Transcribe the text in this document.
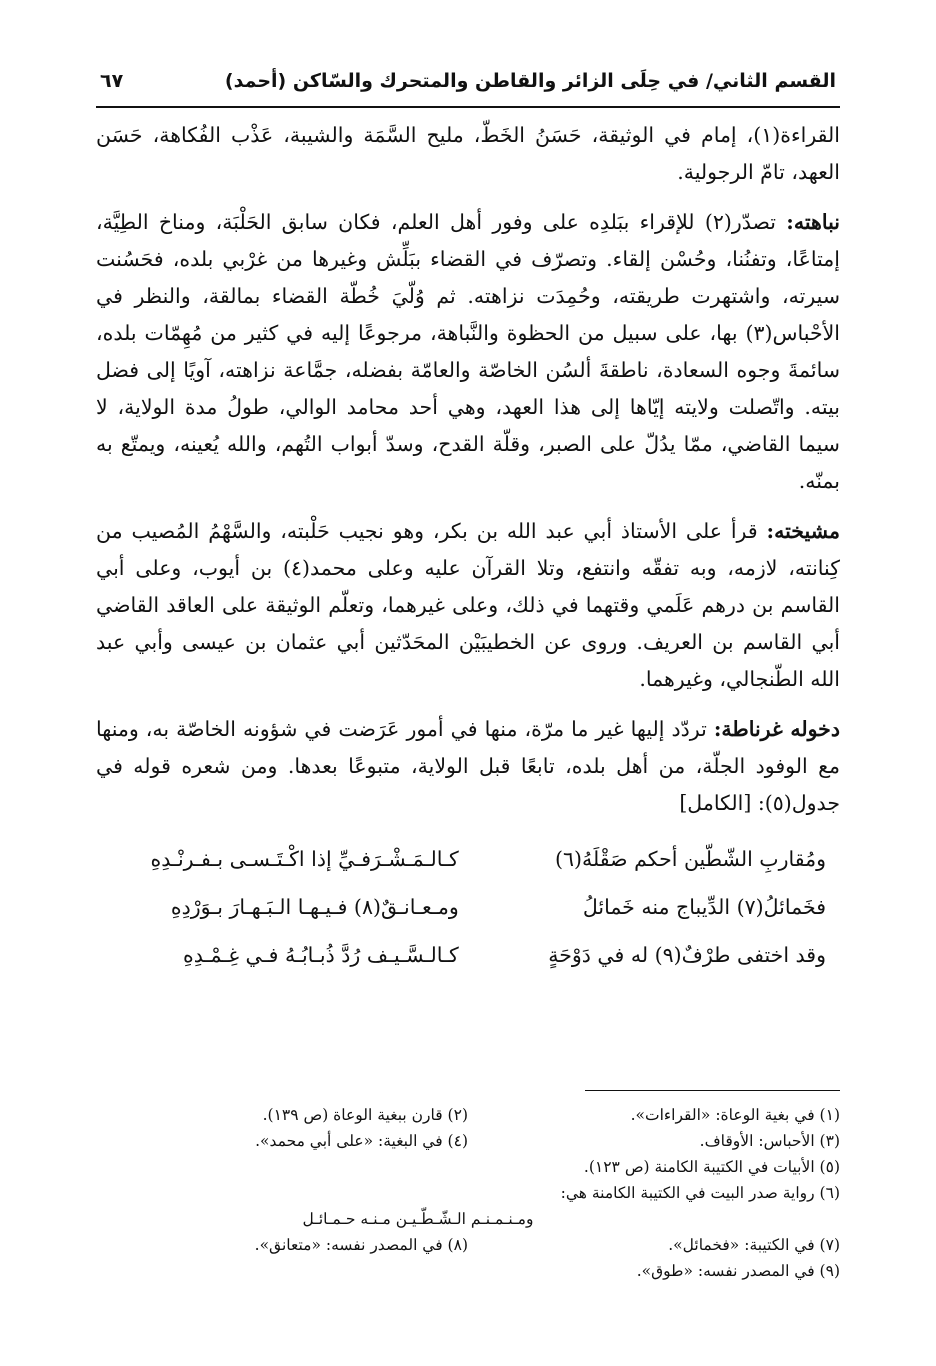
القسم الثاني/ في حِلَى الزائر والقاطن والمتحرك والسّاكن (أحمد)
٦٧

القراءة(١)، إمام في الوثيقة، حَسَنُ الخَطّ، مليح السَّمَة والشيبة، عَذْب الفُكاهة، حَسَن العهد، تامّ الرجولية.

نباهته: تصدّر(٢) للإقراء ببَلدِه على وفور أهل العلم، فكان سابق الحَلْبَة، ومناخ الطِيَّة، إمتاعًا، وتفنُنا، وحُسْن إلقاء. وتصرّف في القضاء ببَلِّش وغيرها من غرْبي بلده، فحَسُنت سيرته، واشتهرت طريقته، وحُمِدَت نزاهته. ثم وُلّيَ خُطّة القضاء بمالقة، والنظر في الأحْباس(٣) بها، على سبيل من الحظوة والنَّباهة، مرجوعًا إليه في كثير من مُهِمّات بلده، سائمةَ وجوه السعادة، ناطقةَ ألسُن الخاصّة والعامّة بفضله، جمَّاعة نزاهته، آويًا إلى فضل بيته. واتّصلت ولايته إيّاها إلى هذا العهد، وهي أحد محامد الوالي، طولُ مدة الولاية، لا سيما القاضي، ممّا يدُلّ على الصبر، وقلّة القدح، وسدّ أبواب التُهم، والله يُعينه، ويمتّع به بمنّه.

مشيخته: قرأ على الأستاذ أبي عبد الله بن بكر، وهو نجيب حَلْبته، والسَّهْمُ المُصيب من كِنانته، لازمه، وبه تفقّه وانتفع، وتلا القرآن عليه وعلى محمد(٤) بن أيوب، وعلى أبي القاسم بن درهم عَلَمي وقتهما في ذلك، وعلى غيرهما، وتعلّم الوثيقة على العاقد القاضي أبي القاسم بن العريف. وروى عن الخطيبَيْن المحَدّثين أبي عثمان بن عيسى وأبي عبد الله الطّنجالي، وغيرهما.

دخوله غرناطة: تردّد إليها غير ما مرّة، منها في أمور عَرَضت في شؤونه الخاصّة به، ومنها مع الوفود الجلّة، من أهل بلده، تابعًا قبل الولاية، متبوعًا بعدها. ومن شعره قوله في جدول(٥): [الكامل]

ومُقاربِ الشّطّين أحكم صَقْلَهُ(٦)
كـالـمَـشْـرَفـيِّ إذا اكْـتَـسـى بـفـرنْـدِهِ
فخَمائلُ(٧) الدِّيباج منه خَمائلُ
ومـعـانـقٌ(٨) فـيـهـا الـبَـهـارَ بـوَرْدِهِ
وقد اختفى طرْفٌ(٩) له في دَوْحَةٍ
كـالـسَّـيـف رُدَّ ذُبـابُـهُ فـي غِـمْـدِهِ
(١) في بغية الوعاة: «القراءات».
(٢) قارن ببغية الوعاة (ص ١٣٩).
(٣) الأحباس: الأوقاف.
(٤) في البغية: «على أبي محمد».
(٥) الأبيات في الكتيبة الكامنة (ص ١٢٣).
(٦) رواية صدر البيت في الكتيبة الكامنة هي:
ومـنـمـنـم الـشّـطّـيـن مـنـه حـمـائـل
(٧) في الكتيبة: «فخمائل».
(٨) في المصدر نفسه: «متعانق».
(٩) في المصدر نفسه: «طوق».
